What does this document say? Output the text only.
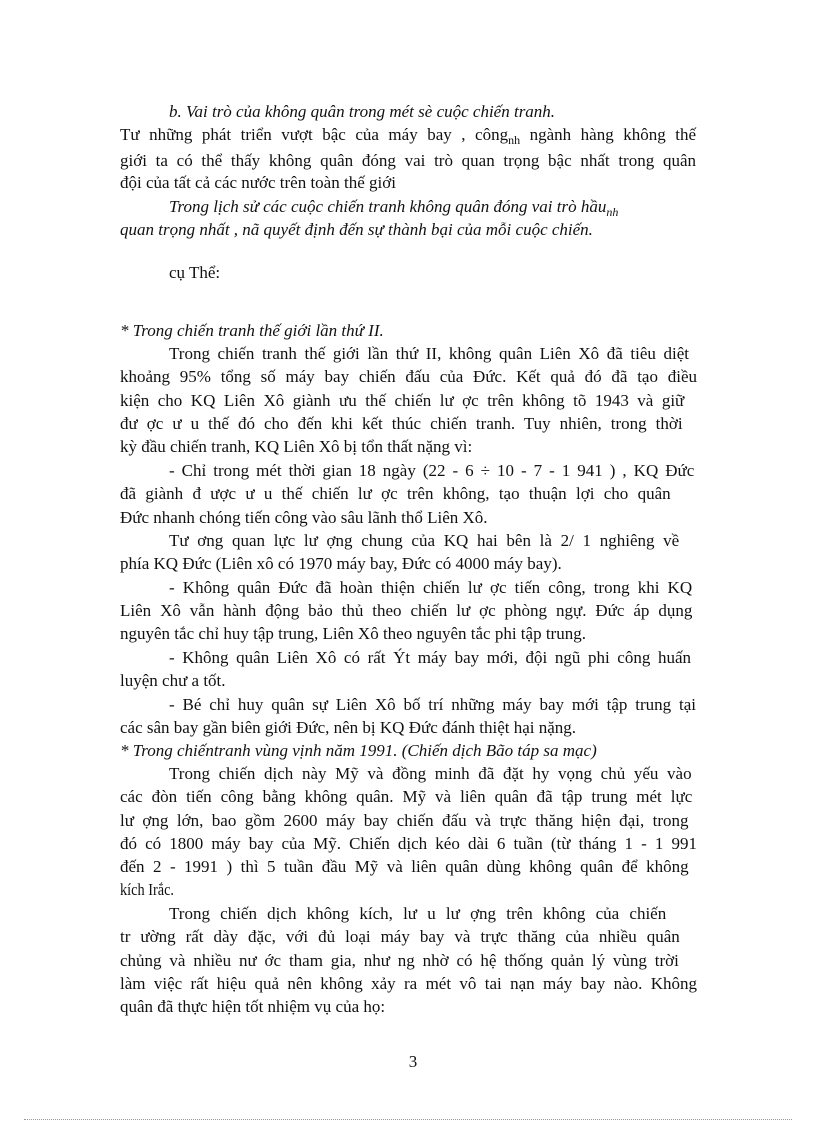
3
b. Vai trò của không quân trong mét sè cuộc chiến tranh.
Tư những phát triển vượt bậc của máy bay , công$_{nh}$ ngành hàng không thế
giới ta có thể thấy không quân đóng vai trò quan trọng bậc nhất trong quân
đội của tất cả các nước trên toàn thế giới
Trong lịch sử các cuộc chiến tranh không quân đóng vai trò hầu$_{nh}$
quan trọng nhất , nã quyết định đến sự thành bại của mỗi cuộc chiến.
cụ Thể:
* Trong chiến tranh thế giới lần thứ II.
Trong chiến tranh thế giới lần thứ II, không quân Liên Xô đã tiêu diệt
khoảng 95% tổng số máy bay chiến đấu của Đức. Kết quả đó đã tạo điều
kiện cho KQ Liên Xô giành ưu thế chiến lư ợc trên không tõ 1943 và giữ
đư ợc ư u thế đó cho đến khi kết thúc chiến tranh. Tuy nhiên, trong thời
kỳ đầu chiến tranh, KQ Liên Xô bị tổn thất nặng vì:
- Chỉ trong mét thời gian 18 ngày (22 - 6 ÷ 10 - 7 - 1 941 ) , KQ Đức
đã giành đ ược ư u thế chiến lư ợc trên không, tạo thuận lợi cho quân
Đức nhanh chóng tiến công vào sâu lãnh thổ Liên Xô.
Tư ơng quan lực lư ợng chung của KQ hai bên là 2/ 1 nghiêng về
phía KQ Đức (Liên xô có 1970 máy bay, Đức có 4000 máy bay).
- Không quân Đức đã hoàn thiện chiến lư ợc tiến công, trong khi KQ
Liên Xô vẫn hành động bảo thủ theo chiến lư ợc phòng ngự. Đức áp dụng
nguyên tắc chỉ huy tập trung, Liên Xô theo nguyên tắc phi tập trung.
- Không quân Liên Xô có rất Ýt máy bay mới, đội ngũ phi công huấn
luyện chư a tốt.
- Bé chỉ huy quân sự Liên Xô bố trí những máy bay mới tập trung tại
các sân bay gần biên giới Đức, nên bị KQ Đức đánh thiệt hại nặng.
* Trong chiếntranh vùng vịnh năm 1991. (Chiến dịch Bão táp sa mạc)
Trong chiến dịch này Mỹ và đồng minh đã đặt hy vọng chủ yếu vào
các đòn tiến công bằng không quân. Mỹ và liên quân đã tập trung mét lực
lư ợng lớn, bao gồm 2600 máy bay chiến đấu và trực thăng hiện đại, trong
đó có 1800 máy bay của Mỹ. Chiến dịch kéo dài 6 tuần (từ tháng 1 - 1 991
đến 2 - 1991 ) thì 5 tuần đầu Mỹ và liên quân dùng không quân để không
kích Irắc.
Trong chiến dịch không kích, lư u lư ợng trên không của chiến
tr ường rất dày đặc, với đủ loại máy bay và trực thăng của nhiều quân
chủng và nhiều nư ớc tham gia, như ng nhờ có hệ thống quản lý vùng trời
làm việc rất hiệu quả nên không xảy ra mét vô tai nạn máy bay nào. Không
quân đã thực hiện tốt nhiệm vụ của họ:
